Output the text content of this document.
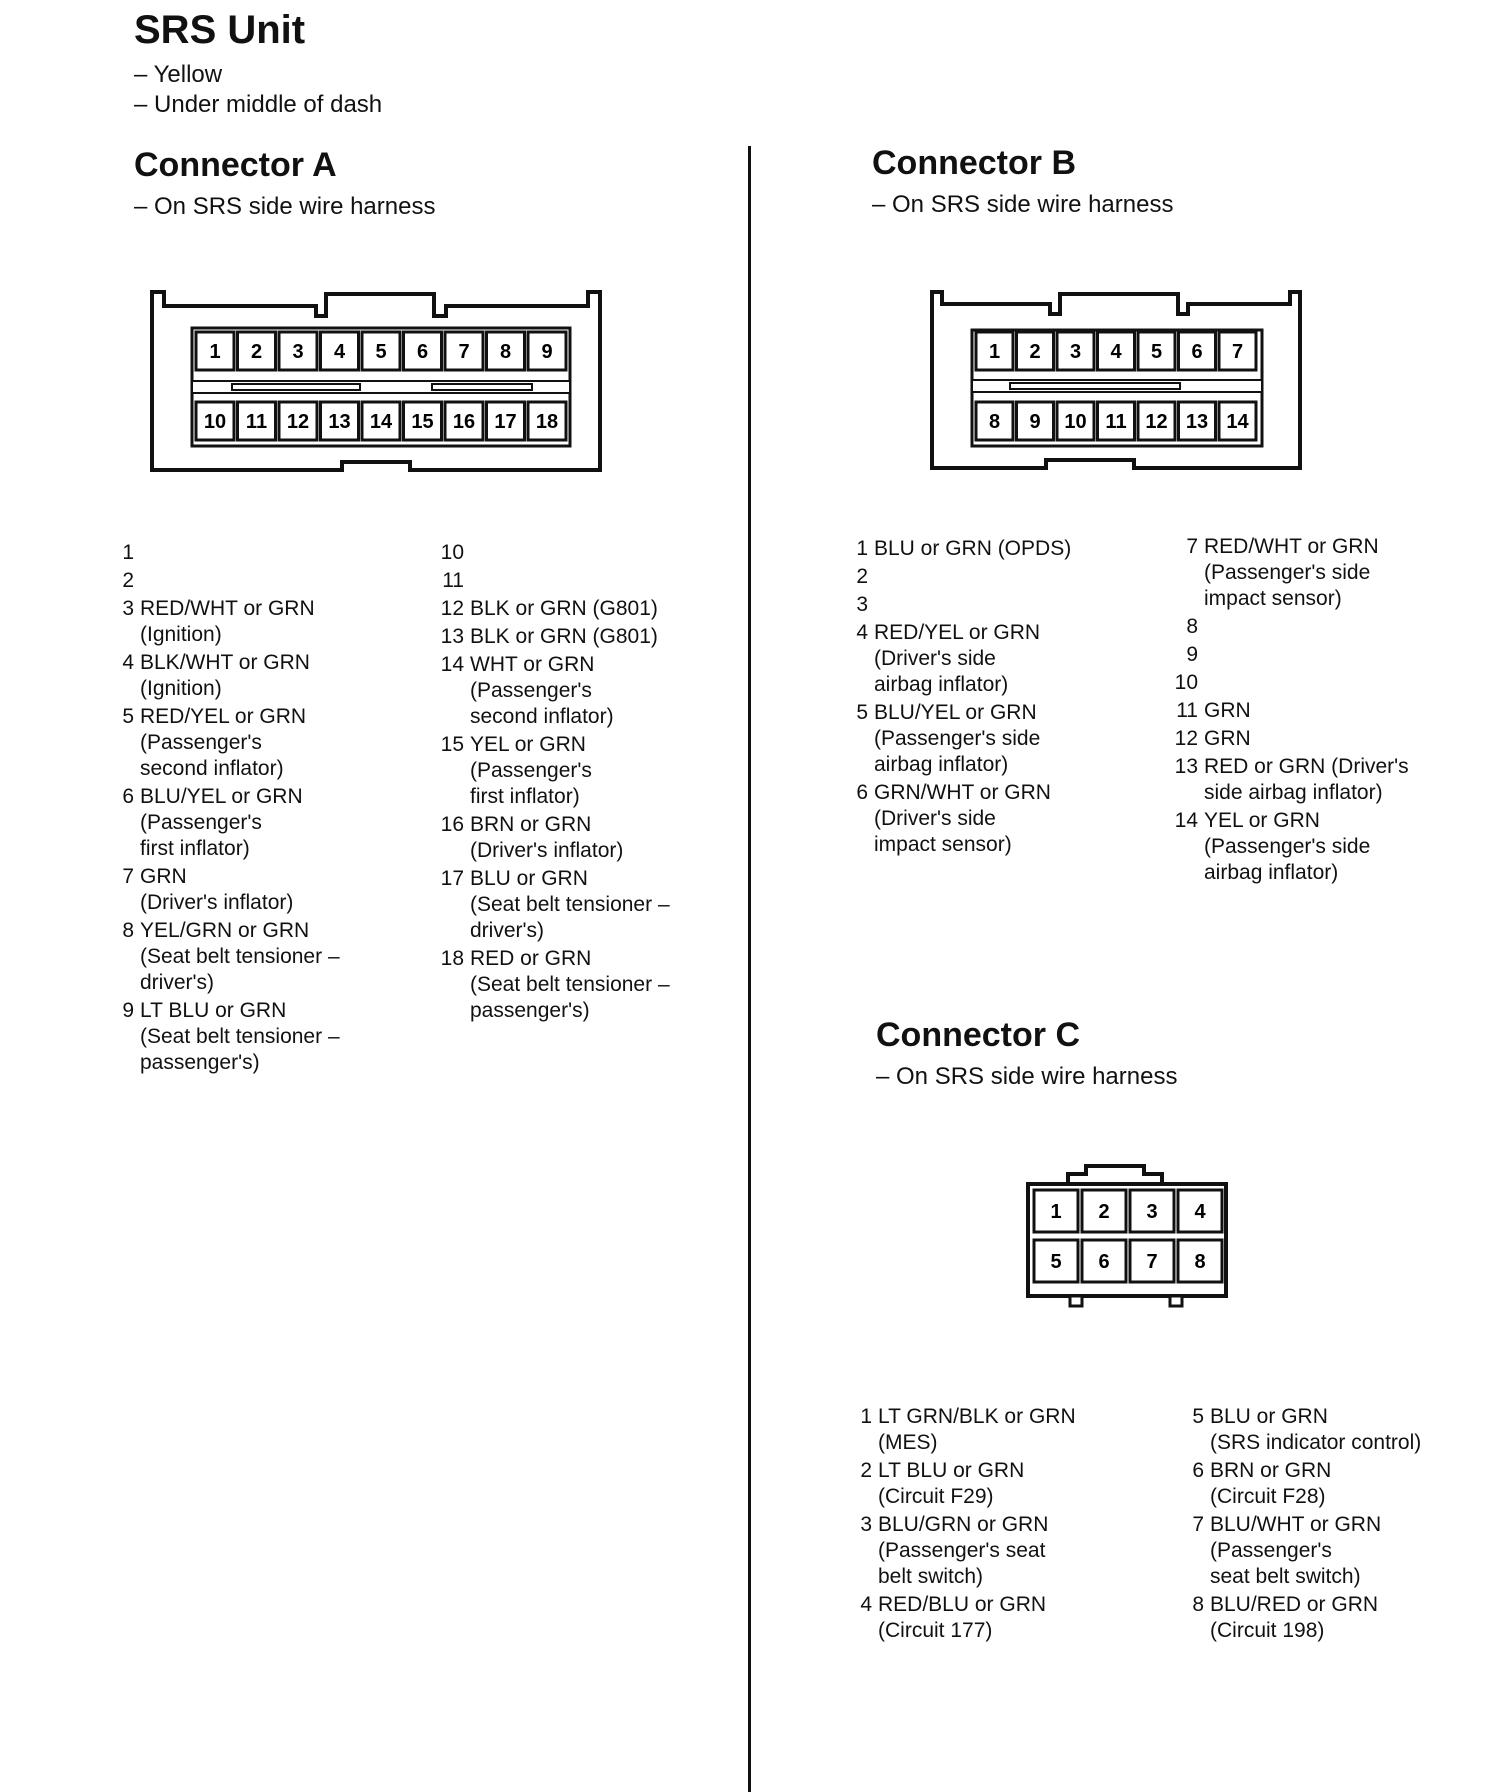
SRS Unit
– Yellow
– Under middle of dash
Connector A
– On SRS side wire harness
1 2 3 4 5 6 7 8 9
10 11 12 13 14 15 16 17 18
1

2

3 RED/WHT or GRN
(Ignition)
4 BLK/WHT or GRN
(Ignition)
5 RED/YEL or GRN
(Passenger's
second inflator)
6 BLU/YEL or GRN
(Passenger's
first inflator)
7 GRN
(Driver's inflator)
8 YEL/GRN or GRN
(Seat belt tensioner –
driver's)
9 LT BLU or GRN
(Seat belt tensioner –
passenger's)
10

11

12 BLK or GRN (G801)
13 BLK or GRN (G801)
14 WHT or GRN
(Passenger's
second inflator)
15 YEL or GRN
(Passenger's
first inflator)
16 BRN or GRN
(Driver's inflator)
17 BLU or GRN
(Seat belt tensioner –
driver's)
18 RED or GRN
(Seat belt tensioner –
passenger's)
Connector B
– On SRS side wire harness
1 2 3 4 5 6 7
8 9 10 11 12 13 14
1 BLU or GRN (OPDS)
2

3

4 RED/YEL or GRN
(Driver's side
airbag inflator)
5 BLU/YEL or GRN
(Passenger's side
airbag inflator)
6 GRN/WHT or GRN
(Driver's side
impact sensor)
7 RED/WHT or GRN
(Passenger's side
impact sensor)
8

9

10

11 GRN
12 GRN
13 RED or GRN (Driver's
side airbag inflator)
14 YEL or GRN
(Passenger's side
airbag inflator)
Connector C
– On SRS side wire harness
1 2 3 4
5 6 7 8
1 LT GRN/BLK or GRN
(MES)
2 LT BLU or GRN
(Circuit F29)
3 BLU/GRN or GRN
(Passenger's seat
belt switch)
4 RED/BLU or GRN
(Circuit 177)
5 BLU or GRN
(SRS indicator control)
6 BRN or GRN
(Circuit F28)
7 BLU/WHT or GRN
(Passenger's
seat belt switch)
8 BLU/RED or GRN
(Circuit 198)
